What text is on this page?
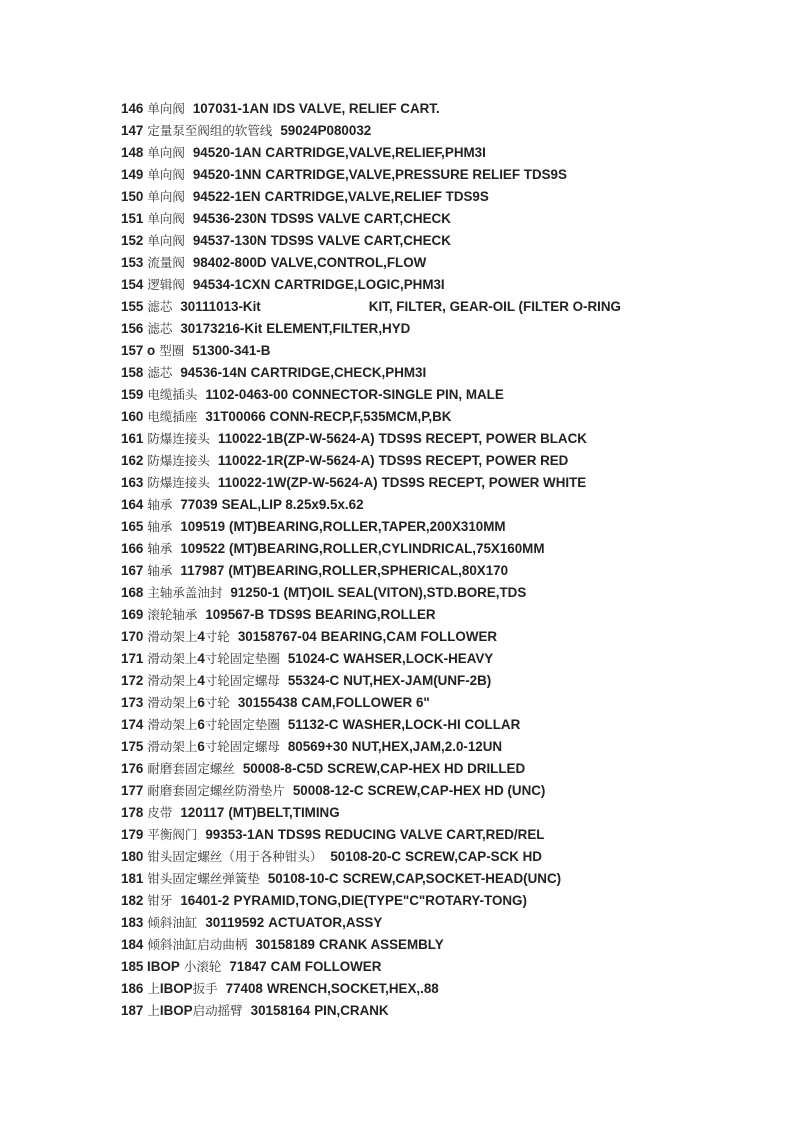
146 单向阀 107031-1AN IDS VALVE, RELIEF CART.
147 定量泵至阀组的软管线 59024P080032
148 单向阀 94520-1AN CARTRIDGE,VALVE,RELIEF,PHM3I
149 单向阀 94520-1NN CARTRIDGE,VALVE,PRESSURE RELIEF TDS9S
150 单向阀 94522-1EN CARTRIDGE,VALVE,RELIEF TDS9S
151 单向阀 94536-230N TDS9S VALVE CART,CHECK
152 单向阀 94537-130N TDS9S VALVE CART,CHECK
153 流量阀 98402-800D VALVE,CONTROL,FLOW
154 逻辑阀 94534-1CXN CARTRIDGE,LOGIC,PHM3I
155 滤芯 30111013-Kit	KIT, FILTER, GEAR-OIL (FILTER O-RING
156 滤芯 30173216-Kit ELEMENT,FILTER,HYD
157 o 型圈 51300-341-B
158 滤芯 94536-14N CARTRIDGE,CHECK,PHM3I
159 电缆插头 1102-0463-00 CONNECTOR-SINGLE PIN, MALE
160 电缆插座 31T00066 CONN-RECP,F,535MCM,P,BK
161 防爆连接头 110022-1B(ZP-W-5624-A) TDS9S RECEPT, POWER BLACK
162 防爆连接头 110022-1R(ZP-W-5624-A) TDS9S RECEPT, POWER RED
163 防爆连接头 110022-1W(ZP-W-5624-A) TDS9S RECEPT, POWER WHITE
164 轴承 77039 SEAL,LIP 8.25x9.5x.62
165 轴承 109519 (MT)BEARING,ROLLER,TAPER,200X310MM
166 轴承 109522 (MT)BEARING,ROLLER,CYLINDRICAL,75X160MM
167 轴承 117987 (MT)BEARING,ROLLER,SPHERICAL,80X170
168 主轴承盖油封 91250-1 (MT)OIL SEAL(VITON),STD.BORE,TDS
169 滚轮轴承 109567-B TDS9S BEARING,ROLLER
170 滑动架上4寸轮 30158767-04 BEARING,CAM FOLLOWER
171 滑动架上4寸轮固定垫圈 51024-C WAHSER,LOCK-HEAVY
172 滑动架上4寸轮固定螺母 55324-C NUT,HEX-JAM(UNF-2B)
173 滑动架上6寸轮 30155438 CAM,FOLLOWER 6"
174 滑动架上6寸轮固定垫圈 51132-C WASHER,LOCK-HI COLLAR
175 滑动架上6寸轮固定螺母 80569+30 NUT,HEX,JAM,2.0-12UN
176 耐磨套固定螺丝 50008-8-C5D SCREW,CAP-HEX HD DRILLED
177 耐磨套固定螺丝防滑垫片 50008-12-C SCREW,CAP-HEX HD (UNC)
178 皮带 120117 (MT)BELT,TIMING
179 平衡阀门 99353-1AN TDS9S REDUCING VALVE CART,RED/REL
180 钳头固定螺丝（用于各种钳头） 50108-20-C SCREW,CAP-SCK HD
181 钳头固定螺丝弹簧垫 50108-10-C SCREW,CAP,SOCKET-HEAD(UNC)
182 钳牙 16401-2 PYRAMID,TONG,DIE(TYPE"C"ROTARY-TONG)
183 倾斜油缸 30119592 ACTUATOR,ASSY
184 倾斜油缸启动曲柄 30158189 CRANK ASSEMBLY
185 IBOP 小滚轮 71847 CAM FOLLOWER
186 上IBOP扳手 77408 WRENCH,SOCKET,HEX,.88
187 上IBOP启动摇臂 30158164 PIN,CRANK
